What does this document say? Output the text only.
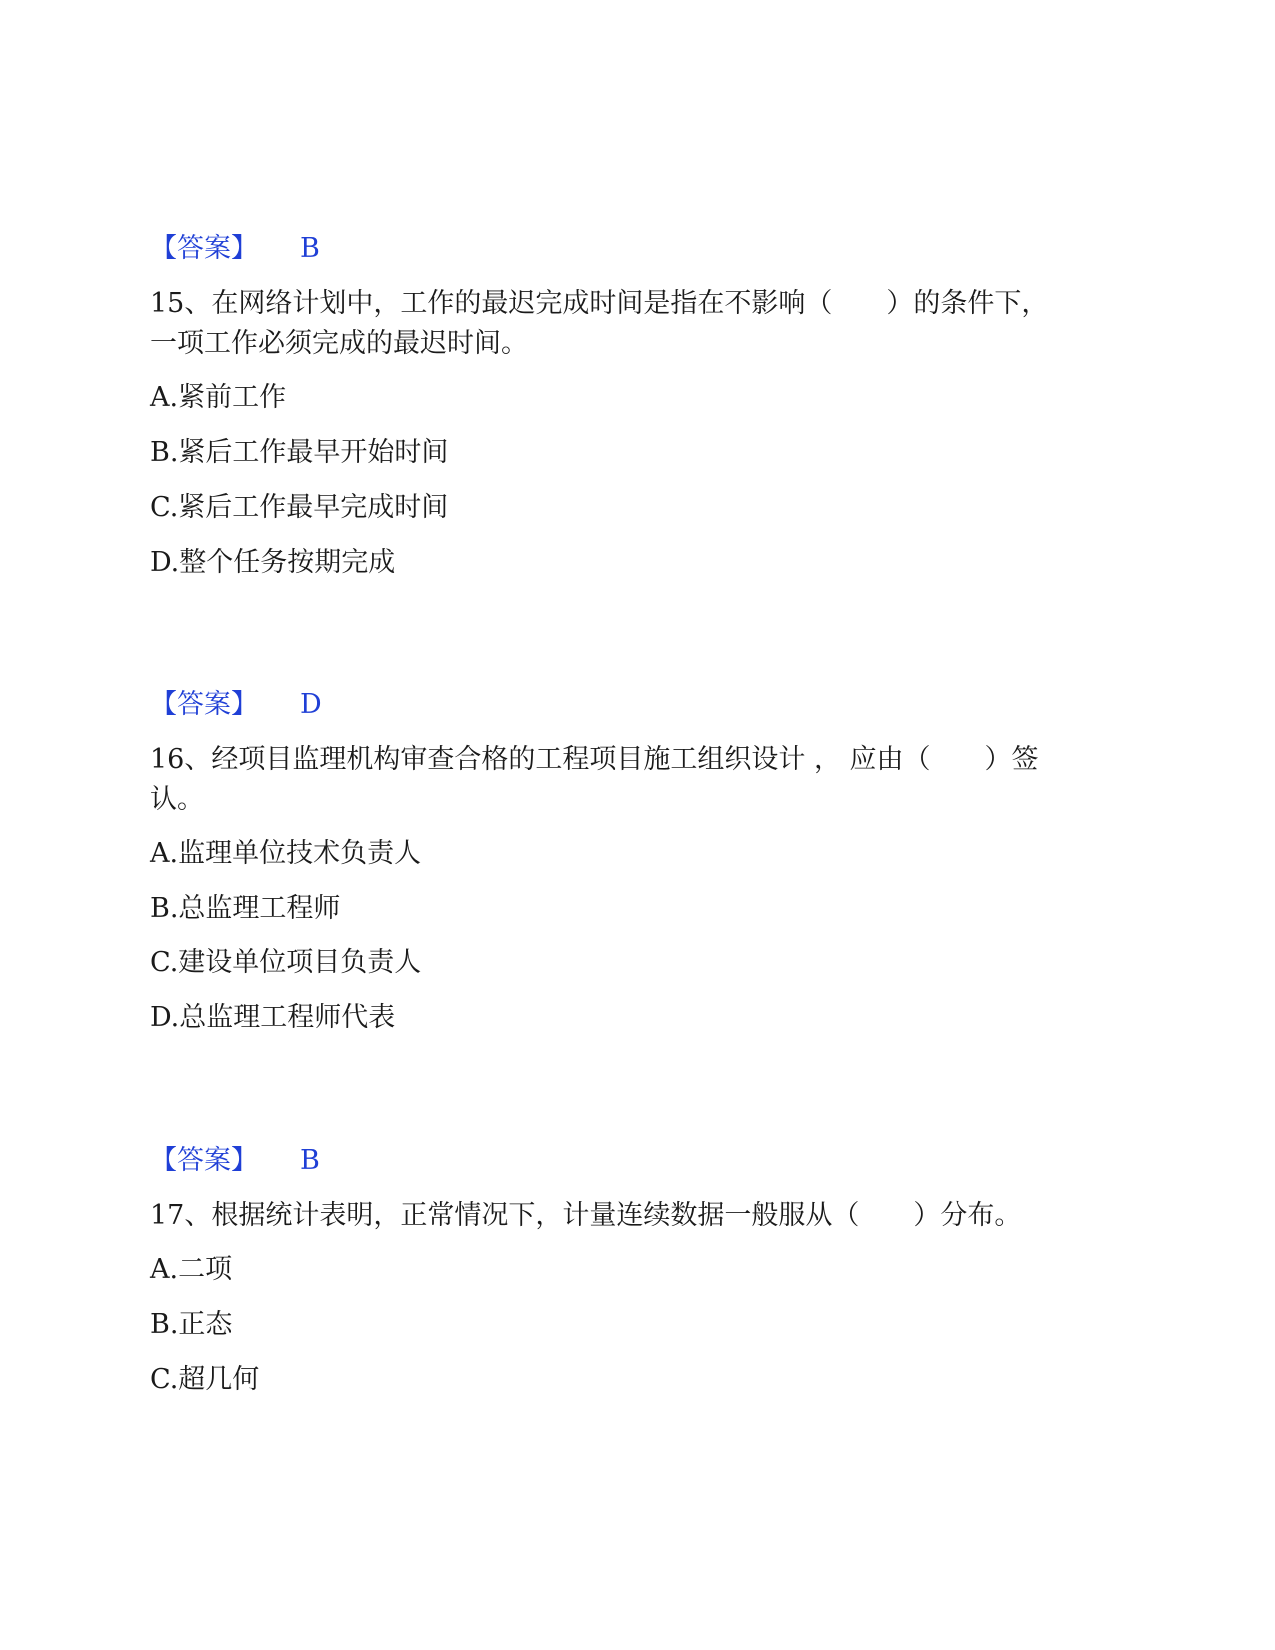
【答案】 B
15、在网络计划中，工作的最迟完成时间是指在不影响（　　）的条件下，
一项工作必须完成的最迟时间。
A.紧前工作
B.紧后工作最早开始时间
C.紧后工作最早完成时间
D.整个任务按期完成
【答案】 D
16、经项目监理机构审查合格的工程项目施工组织设计 ， 应由（　　）签
认。
A.监理单位技术负责人
B.总监理工程师
C.建设单位项目负责人
D.总监理工程师代表
【答案】 B
17、根据统计表明，正常情况下，计量连续数据一般服从（　　）分布。
A.二项
B.正态
C.超几何
